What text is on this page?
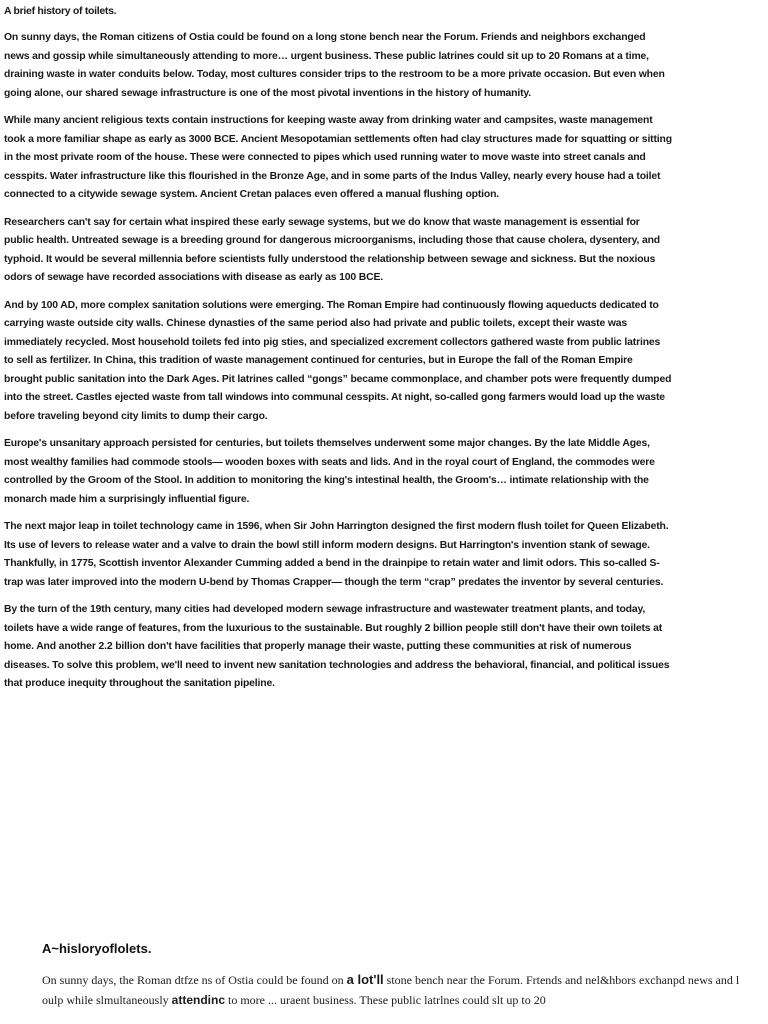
A brief history of toilets.

On sunny days, the Roman citizens of Ostia could be found on a long stone bench near the Forum. Friends and neighbors exchanged news and gossip while simultaneously attending to more… urgent business. These public latrines could sit up to 20 Romans at a time, draining waste in water conduits below. Today, most cultures consider trips to the restroom to be a more private occasion. But even when going alone, our shared sewage infrastructure is one of the most pivotal inventions in the history of humanity.

While many ancient religious texts contain instructions for keeping waste away from drinking water and campsites, waste management took a more familiar shape as early as 3000 BCE. Ancient Mesopotamian settlements often had clay structures made for squatting or sitting in the most private room of the house. These were connected to pipes which used running water to move waste into street canals and cesspits. Water infrastructure like this flourished in the Bronze Age, and in some parts of the Indus Valley, nearly every house had a toilet connected to a citywide sewage system. Ancient Cretan palaces even offered a manual flushing option.

Researchers can't say for certain what inspired these early sewage systems, but we do know that waste management is essential for public health. Untreated sewage is a breeding ground for dangerous microorganisms, including those that cause cholera, dysentery, and typhoid. It would be several millennia before scientists fully understood the relationship between sewage and sickness. But the noxious odors of sewage have recorded associations with disease as early as 100 BCE.

And by 100 AD, more complex sanitation solutions were emerging. The Roman Empire had continuously flowing aqueducts dedicated to carrying waste outside city walls. Chinese dynasties of the same period also had private and public toilets, except their waste was immediately recycled. Most household toilets fed into pig sties, and specialized excrement collectors gathered waste from public latrines to sell as fertilizer. In China, this tradition of waste management continued for centuries, but in Europe the fall of the Roman Empire brought public sanitation into the Dark Ages. Pit latrines called “gongs” became commonplace, and chamber pots were frequently dumped into the street. Castles ejected waste from tall windows into communal cesspits. At night, so-called gong farmers would load up the waste before traveling beyond city limits to dump their cargo.

Europe's unsanitary approach persisted for centuries, but toilets themselves underwent some major changes. By the late Middle Ages, most wealthy families had commode stools— wooden boxes with seats and lids. And in the royal court of England, the commodes were controlled by the Groom of the Stool. In addition to monitoring the king's intestinal health, the Groom's… intimate relationship with the monarch made him a surprisingly influential figure.

The next major leap in toilet technology came in 1596, when Sir John Harrington designed the first modern flush toilet for Queen Elizabeth. Its use of levers to release water and a valve to drain the bowl still inform modern designs. But Harrington's invention stank of sewage. Thankfully, in 1775, Scottish inventor Alexander Cumming added a bend in the drainpipe to retain water and limit odors. This so-called S-trap was later improved into the modern U-bend by Thomas Crapper— though the term “crap” predates the inventor by several centuries.

By the turn of the 19th century, many cities had developed modern sewage infrastructure and wastewater treatment plants, and today, toilets have a wide range of features, from the luxurious to the sustainable. But roughly 2 billion people still don't have their own toilets at home. And another 2.2 billion don't have facilities that properly manage their waste, putting these communities at risk of numerous diseases. To solve this problem, we'll need to invent new sanitation technologies and address the behavioral, financial, and political issues that produce inequity throughout the sanitation pipeline.

A~hisloryoflolets.

On sunny days, the Roman dtfze ns of Ostia could be found on a lot'll stone bench near the Forum. Frtends and nel&hbors exchanpd news and l oulp while slmultaneously attendinc to more ... uraent business. These public latrlnes could slt up to 20
